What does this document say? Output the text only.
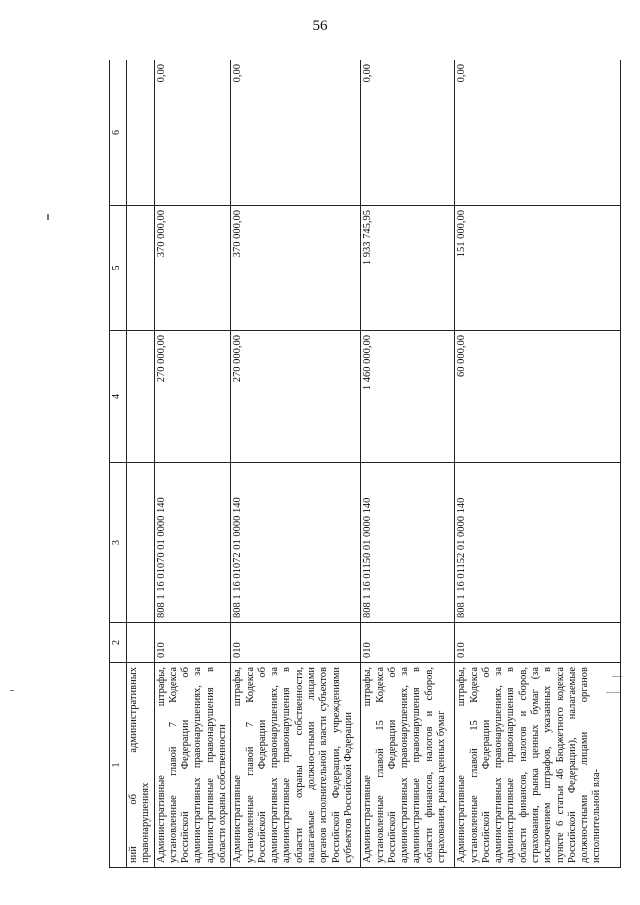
56
1	2	3	4	5	6
ний об административных правонарушениях					
Административные штрафы, установленные главой 7 Кодекса Российской Федерации об административных правонарушениях, за административные правонарушения в области охраны собственности	010	808 1 16 01070 01 0000 140	270 000,00	370 000,00	0,00
Административные штрафы, установленные главой 7 Кодекса Российской Федерации об административных правонарушениях, за административные правонарушения в области охраны собственности, налагаемые должностными лицами органов исполнительной власти субъектов Российской Федерации, учреждениями субъектов Российской Федерации	010	808 1 16 01072 01 0000 140	270 000,00	370 000,00	0,00
Административные штрафы, установленные главой 15 Кодекса Российской Федерации об административных правонарушениях, за административные правонарушения в области финансов, налогов и сборов, страхования, рынка ценных бумаг	010	808 1 16 01150 01 0000 140	1 460 000,00	1 933 745,95	0,00
Административные штрафы, установленные главой 15 Кодекса Российской Федерации об административных правонарушениях, за административные правонарушения в области финансов, налогов и сборов, страхования, рынка ценных бумаг (за исключением штрафов, указанных в пункте 6 статьи 46 Бюджетного кодекса Российской Федерации), налагаемые должностными лицами органов исполнительной вла-	010	808 1 16 01152 01 0000 140	60 000,00	151 000,00	0,00
